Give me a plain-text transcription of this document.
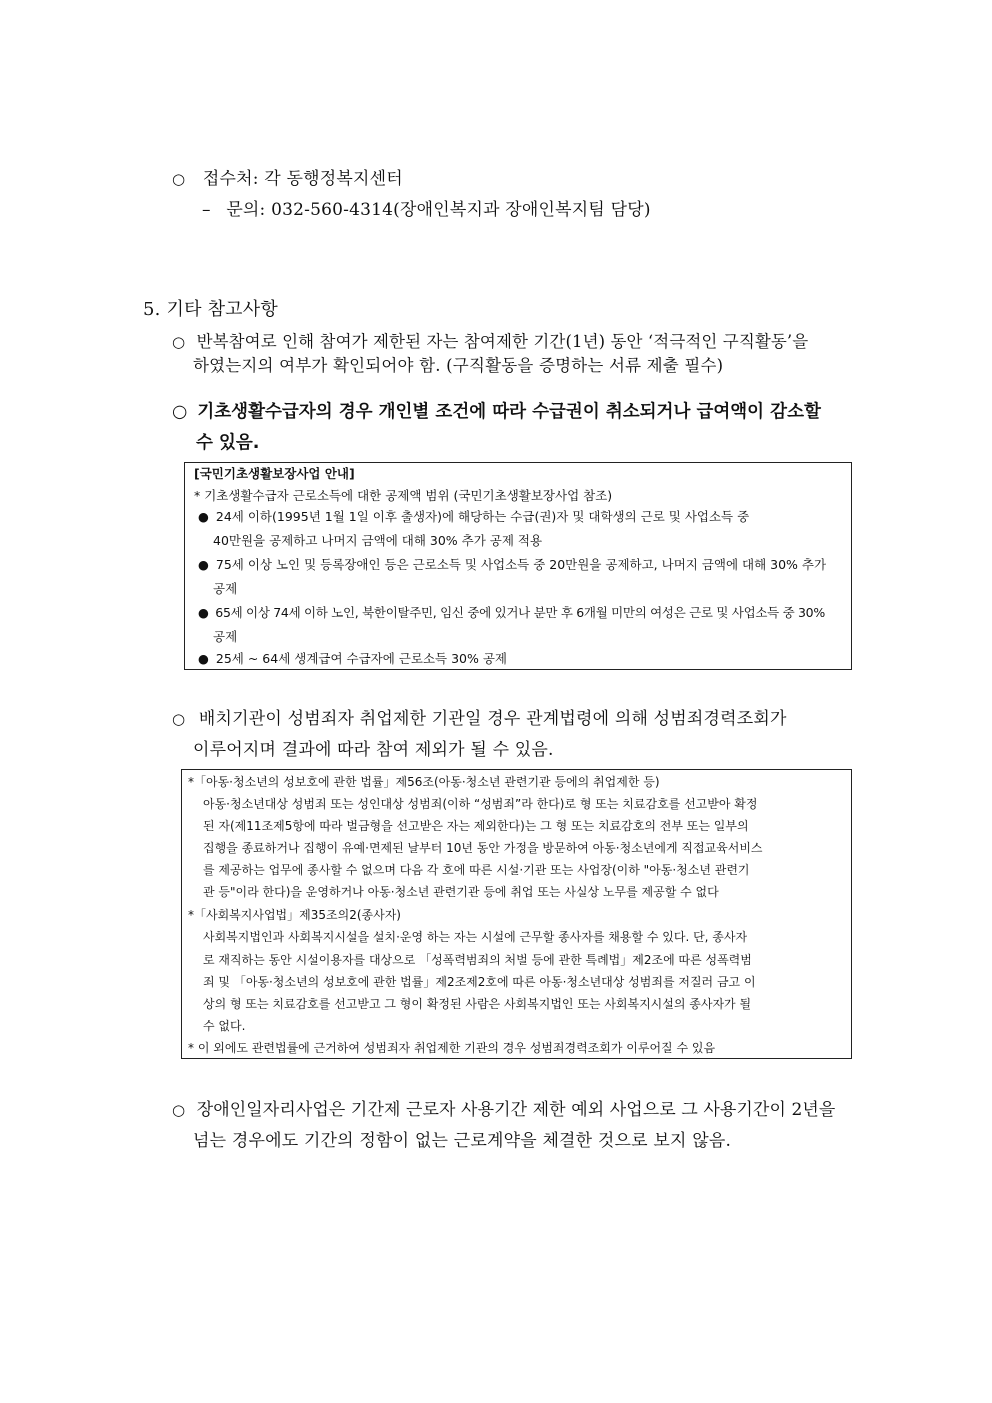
○ 접수처: 각 동행정복지센터
– 문의: 032-560-4314(장애인복지과 장애인복지팀 담당)
5. 기타 참고사항
○ 반복참여로 인해 참여가 제한된 자는 참여제한 기간(1년) 동안 ‘적극적인 구직활동’을
하였는지의 여부가 확인되어야 함. (구직활동을 증명하는 서류 제출 필수)
○ 기초생활수급자의 경우 개인별 조건에 따라 수급권이 취소되거나 급여액이 감소할
수 있음.
[국민기초생활보장사업 안내]
* 기초생활수급자 근로소득에 대한 공제액 범위 (국민기초생활보장사업 참조)
● 24세 이하(1995년 1월 1일 이후 출생자)에 해당하는 수급(권)자 및 대학생의 근로 및 사업소득 중
40만원을 공제하고 나머지 금액에 대해 30% 추가 공제 적용
● 75세 이상 노인 및 등록장애인 등은 근로소득 및 사업소득 중 20만원을 공제하고, 나머지 금액에 대해 30% 추가
공제
● 65세 이상 74세 이하 노인, 북한이탈주민, 임신 중에 있거나 분만 후 6개월 미만의 여성은 근로 및 사업소득 중 30%
공제
● 25세 ~ 64세 생계급여 수급자에 근로소득 30% 공제
○ 배치기관이 성범죄자 취업제한 기관일 경우 관계법령에 의해 성범죄경력조회가
이루어지며 결과에 따라 참여 제외가 될 수 있음.
*「아동·청소년의 성보호에 관한 법률」제56조(아동·청소년 관련기관 등에의 취업제한 등)
아동·청소년대상 성범죄 또는 성인대상 성범죄(이하 “성범죄”라 한다)로 형 또는 치료감호를 선고받아 확정
된 자(제11조제5항에 따라 벌금형을 선고받은 자는 제외한다)는 그 형 또는 치료감호의 전부 또는 일부의
집행을 종료하거나 집행이 유예·면제된 날부터 10년 동안 가정을 방문하여 아동·청소년에게 직접교육서비스
를 제공하는 업무에 종사할 수 없으며 다음 각 호에 따른 시설·기관 또는 사업장(이하 "아동·청소년 관련기
관 등"이라 한다)을 운영하거나 아동·청소년 관련기관 등에 취업 또는 사실상 노무를 제공할 수 없다
*「사회복지사업법」제35조의2(종사자)
사회복지법인과 사회복지시설을 설치·운영 하는 자는 시설에 근무할 종사자를 채용할 수 있다. 단, 종사자
로 재직하는 동안 시설이용자를 대상으로 「성폭력범죄의 처벌 등에 관한 특례법」제2조에 따른 성폭력범
죄 및 「아동·청소년의 성보호에 관한 법률」제2조제2호에 따른 아동·청소년대상 성범죄를 저질러 금고 이
상의 형 또는 치료감호를 선고받고 그 형이 확정된 사람은 사회복지법인 또는 사회복지시설의 종사자가 될
수 없다.
* 이 외에도 관련법률에 근거하여 성범죄자 취업제한 기관의 경우 성범죄경력조회가 이루어질 수 있음
○ 장애인일자리사업은 기간제 근로자 사용기간 제한 예외 사업으로 그 사용기간이 2년을
넘는 경우에도 기간의 정함이 없는 근로계약을 체결한 것으로 보지 않음.
